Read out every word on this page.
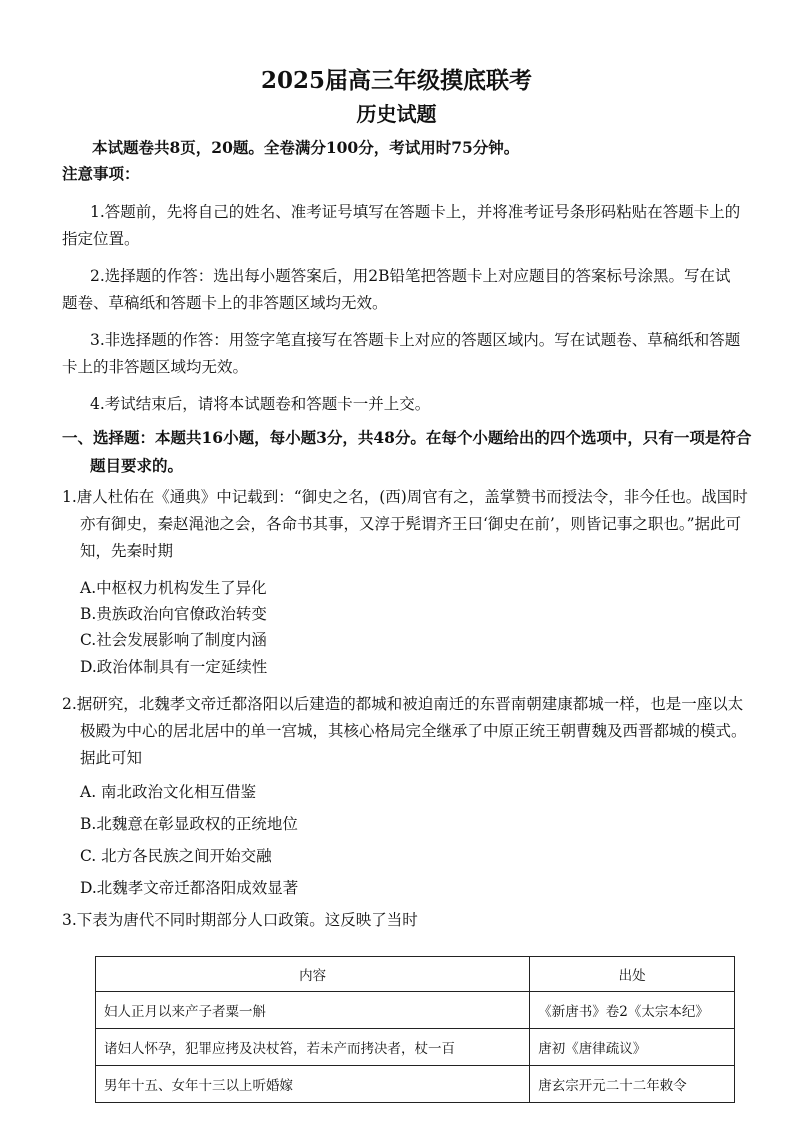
2025届高三年级摸底联考
历史试题
本试题卷共8页，20题。全卷满分100分，考试用时75分钟。
注意事项：
1.答题前，先将自己的姓名、准考证号填写在答题卡上，并将准考证号条形码粘贴在答题卡上的指定位置。
2.选择题的作答：选出每小题答案后，用2B铅笔把答题卡上对应题目的答案标号涂黑。写在试题卷、草稿纸和答题卡上的非答题区域均无效。
3.非选择题的作答：用签字笔直接写在答题卡上对应的答题区域内。写在试题卷、草稿纸和答题卡上的非答题区域均无效。
4.考试结束后，请将本试题卷和答题卡一并上交。
一、选择题：本题共16小题，每小题3分，共48分。在每个小题给出的四个选项中，只有一项是符合题目要求的。
1.唐人杜佑在《通典》中记载到：“御史之名，(西)周官有之，盖掌赞书而授法令，非今任也。战国时亦有御史，秦赵渑池之会，各命书其事，又淳于髡谓齐王曰‘御史在前’，则皆记事之职也。”据此可知，先秦时期
A.中枢权力机构发生了异化
B.贵族政治向官僚政治转变
C.社会发展影响了制度内涵
D.政治体制具有一定延续性
2.据研究，北魏孝文帝迁都洛阳以后建造的都城和被迫南迁的东晋南朝建康都城一样，也是一座以太极殿为中心的居北居中的单一宫城，其核心格局完全继承了中原正统王朝曹魏及西晋都城的模式。据此可知
A. 南北政治文化相互借鉴
B.北魏意在彰显政权的正统地位
C. 北方各民族之间开始交融
D.北魏孝文帝迁都洛阳成效显著
3.下表为唐代不同时期部分人口政策。这反映了当时
内容	出处
妇人正月以来产子者粟一斛	《新唐书》卷2《太宗本纪》
诸妇人怀孕，犯罪应拷及决杖笞，若未产而拷决者，杖一百	唐初《唐律疏议》
男年十五、女年十三以上听婚嫁	唐玄宗开元二十二年敕令
